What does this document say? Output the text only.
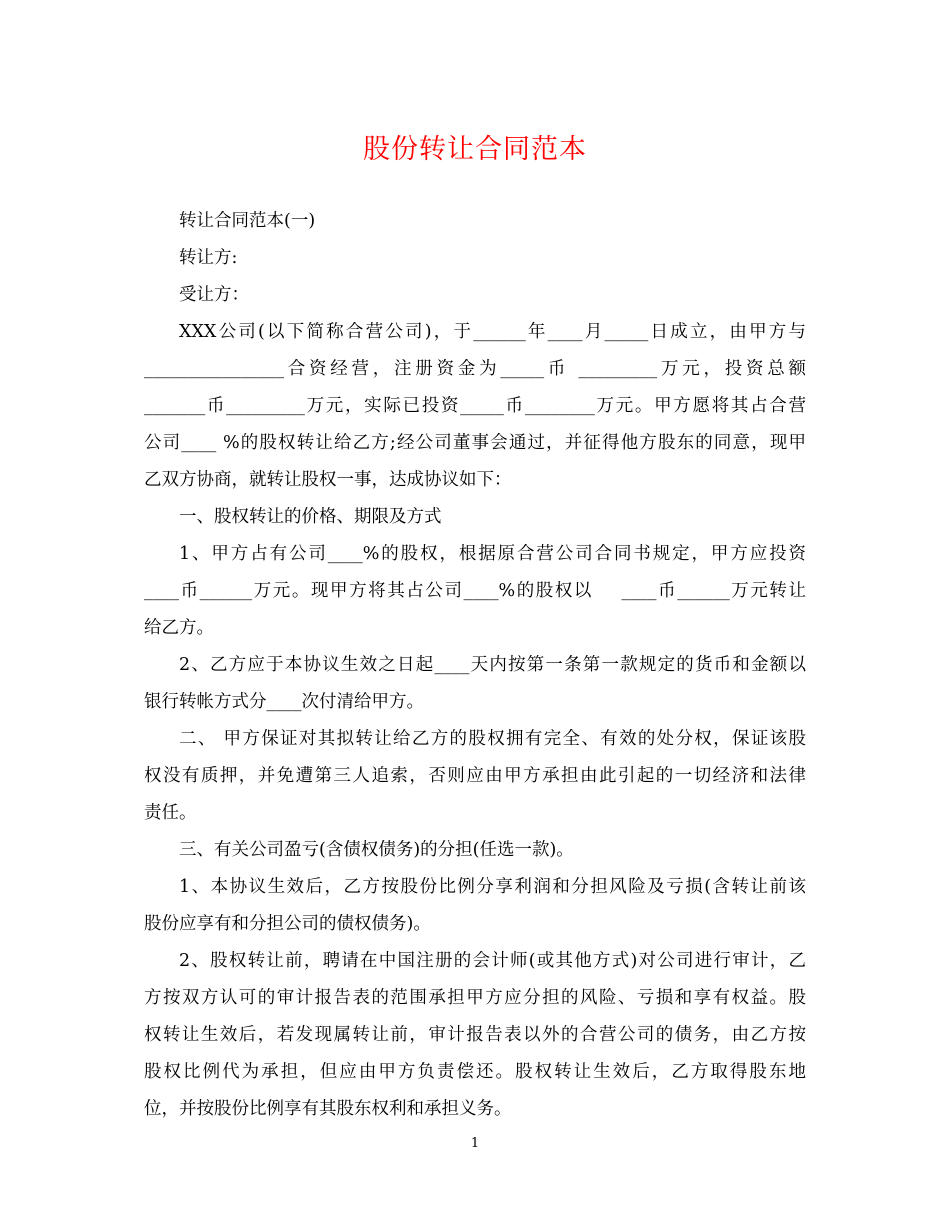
股份转让合同范本

转让合同范本(一)

转让方:

受让方：

XXX公司(以下简称合营公司)，于______年____月_____日成立，由甲方与

________________合资经营，注册资金为_____币 _________万元，投资总额

_______币_________万元，实际已投资_____币________万元。甲方愿将其占合营

公司____ %的股权转让给乙方;经公司董事会通过，并征得他方股东的同意，现甲

乙双方协商，就转让股权一事，达成协议如下：

一、股权转让的价格、期限及方式

1、甲方占有公司____%的股权，根据原合营公司合同书规定，甲方应投资

____币______万元。现甲方将其占公司____%的股权以    ____币______万元转让

给乙方。

2、乙方应于本协议生效之日起____天内按第一条第一款规定的货币和金额以

银行转帐方式分____次付清给甲方。

二、 甲方保证对其拟转让给乙方的股权拥有完全、有效的处分权，保证该股

权没有质押，并免遭第三人追索，否则应由甲方承担由此引起的一切经济和法律

责任。

三、有关公司盈亏(含债权债务)的分担(任选一款)。

1、本协议生效后，乙方按股份比例分享利润和分担风险及亏损(含转让前该

股份应享有和分担公司的债权债务)。

2、股权转让前，聘请在中国注册的会计师(或其他方式)对公司进行审计，乙

方按双方认可的审计报告表的范围承担甲方应分担的风险、亏损和享有权益。股

权转让生效后，若发现属转让前，审计报告表以外的合营公司的债务，由乙方按

股权比例代为承担，但应由甲方负责偿还。股权转让生效后，乙方取得股东地

位，并按股份比例享有其股东权利和承担义务。

1
